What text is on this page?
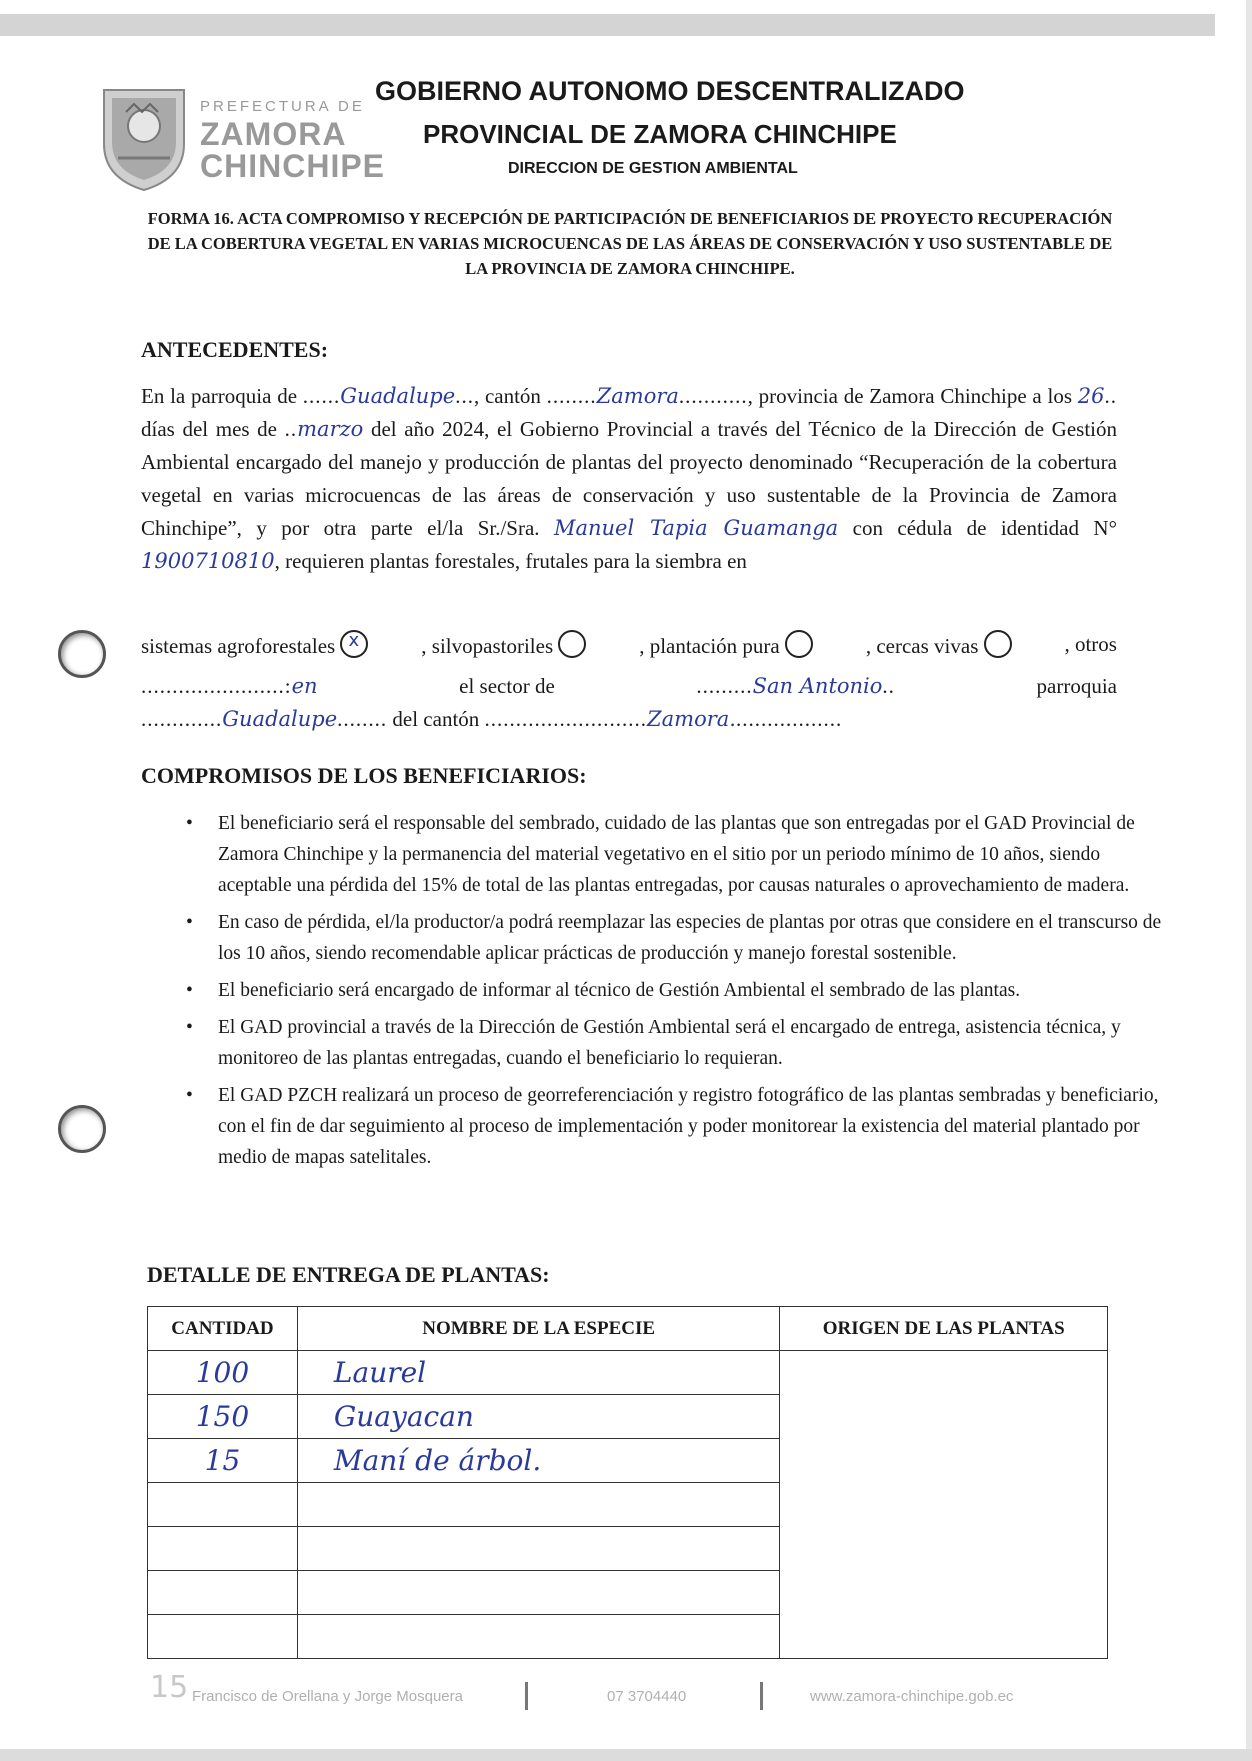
PREFECTURA DE
ZAMORA
CHINCHIPE
GOBIERNO AUTONOMO DESCENTRALIZADO
PROVINCIAL DE ZAMORA CHINCHIPE
DIRECCION DE GESTION AMBIENTAL
FORMA 16. ACTA COMPROMISO Y RECEPCIÓN DE PARTICIPACIÓN DE BENEFICIARIOS DE PROYECTO RECUPERACIÓN DE LA COBERTURA VEGETAL EN VARIAS MICROCUENCAS DE LAS ÁREAS DE CONSERVACIÓN Y USO SUSTENTABLE DE LA PROVINCIA DE ZAMORA CHINCHIPE.
ANTECEDENTES:
En la parroquia de ......Guadalupe..., cantón ........Zamora..........., provincia de Zamora Chinchipe a los 26.. días del mes de ..marzo del año 2024, el Gobierno Provincial a través del Técnico de la Dirección de Gestión Ambiental encargado del manejo y producción de plantas del proyecto denominado “Recuperación de la cobertura vegetal en varias microcuencas de las áreas de conservación y uso sustentable de la Provincia de Zamora Chinchipe”, y por otra parte el/la Sr./Sra. Manuel Tapia Guamanga con cédula de identidad N° 1900710810, requieren plantas forestales, frutales para la siembra en
sistemas agroforestales x	, silvopastoriles	, plantación pura	, cercas vivas	, otros
.......................:en	el sector de	.........San Antonio..	parroquia
.............Guadalupe........ del cantón ..........................Zamora..................
COMPROMISOS DE LOS BENEFICIARIOS:
• El beneficiario será el responsable del sembrado, cuidado de las plantas que son entregadas por el GAD Provincial de Zamora Chinchipe y la permanencia del material vegetativo en el sitio por un periodo mínimo de 10 años, siendo aceptable una pérdida del 15% de total de las plantas entregadas, por causas naturales o aprovechamiento de madera.
• En caso de pérdida, el/la productor/a podrá reemplazar las especies de plantas por otras que considere en el transcurso de los 10 años, siendo recomendable aplicar prácticas de producción y manejo forestal sostenible.
• El beneficiario será encargado de informar al técnico de Gestión Ambiental el sembrado de las plantas.
• El GAD provincial a través de la Dirección de Gestión Ambiental será el encargado de entrega, asistencia técnica, y monitoreo de las plantas entregadas, cuando el beneficiario lo requieran.
• El GAD PZCH realizará un proceso de georreferenciación y registro fotográfico de las plantas sembradas y beneficiario, con el fin de dar seguimiento al proceso de implementación y poder monitorear la existencia del material plantado por medio de mapas satelitales.
DETALLE DE ENTREGA DE PLANTAS:
CANTIDAD	NOMBRE DE LA ESPECIE	ORIGEN DE LAS PLANTAS
100	Laurel	
150	Guayacan	
15	Maní de árbol.	

15 Francisco de Orellana y Jorge Mosquera	07 3704440	www.zamora-chinchipe.gob.ec
